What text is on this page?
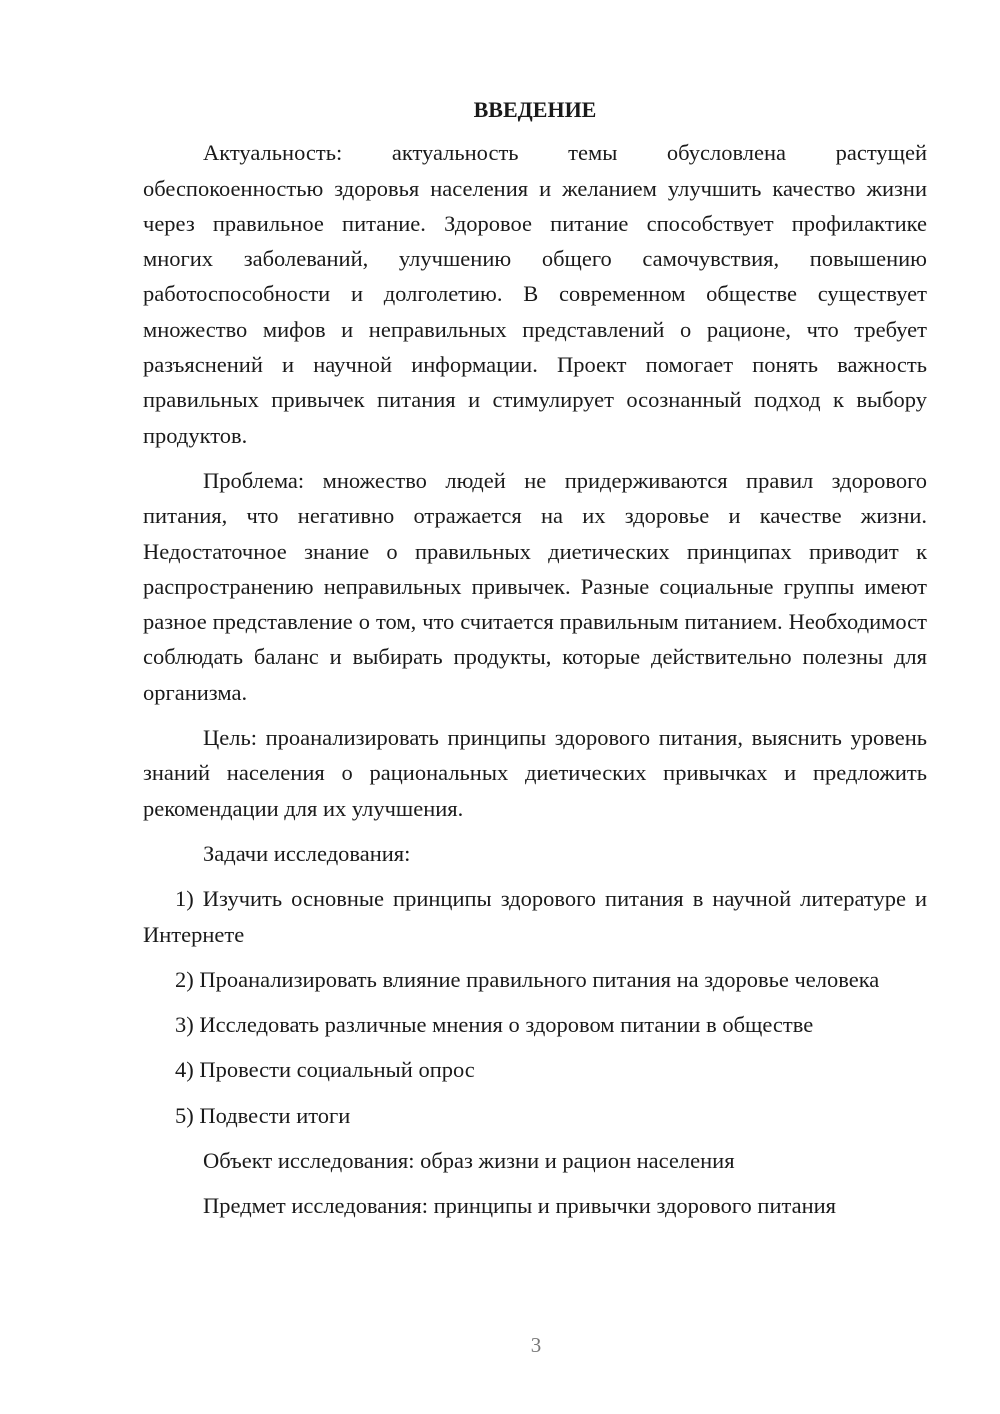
ВВЕДЕНИЕ

Актуальность: актуальность темы обусловлена растущей обеспокоенностью здоровья населения и желанием улучшить качество жизни через правильное питание. Здоровое питание способствует профилактике многих заболеваний, улучшению общего самочувствия, повышению работоспособности и долголетию. В современном обществе существует множество мифов и неправильных представлений о рационе, что требует разъяснений и научной информации. Проект помогает понять важность правильных привычек питания и стимулирует осознанный подход к выбору продуктов.

Проблема: множество людей не придерживаются правил здорового питания, что негативно отражается на их здоровье и качестве жизни. Недостаточное знание о правильных диетических принципах приводит к распространению неправильных привычек. Разные социальные группы имеют разное представление о том, что считается правильным питанием. Необходимост соблюдать баланс и выбирать продукты, которые действительно полезны для организма.

Цель: проанализировать принципы здорового питания, выяснить уровень знаний населения о рациональных диетических привычках и предложить рекомендации для их улучшения.

Задачи исследования:

1) Изучить основные принципы здорового питания в научной литературе и Интернете

2) Проанализировать влияние правильного питания на здоровье человека

3) Исследовать различные мнения о здоровом питании в обществе

4) Провести социальный опрос

5) Подвести итоги

Объект исследования: образ жизни и рацион населения

Предмет исследования: принципы и привычки здорового питания

3
